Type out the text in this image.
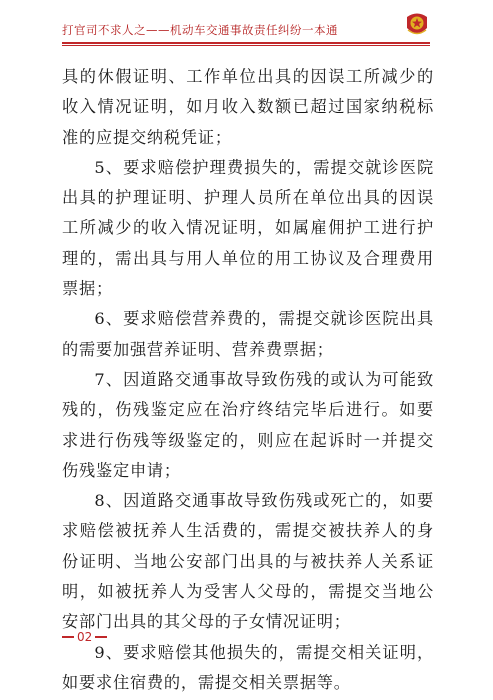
打官司不求人之——机动车交通事故责任纠纷一本通

具的休假证明、工作单位出具的因误工所减少的收入情况证明，如月收入数额已超过国家纳税标准的应提交纳税凭证；

5、要求赔偿护理费损失的，需提交就诊医院出具的护理证明、护理人员所在单位出具的因误工所减少的收入情况证明，如属雇佣护工进行护理的，需出具与用人单位的用工协议及合理费用票据；

6、要求赔偿营养费的，需提交就诊医院出具的需要加强营养证明、营养费票据；

7、因道路交通事故导致伤残的或认为可能致残的，伤残鉴定应在治疗终结完毕后进行。如要求进行伤残等级鉴定的，则应在起诉时一并提交伤残鉴定申请；

8、因道路交通事故导致伤残或死亡的，如要求赔偿被抚养人生活费的，需提交被扶养人的身份证明、当地公安部门出具的与被扶养人关系证明，如被抚养人为受害人父母的，需提交当地公安部门出具的其父母的子女情况证明；

9、要求赔偿其他损失的，需提交相关证明，如要求住宿费的，需提交相关票据等。

02
